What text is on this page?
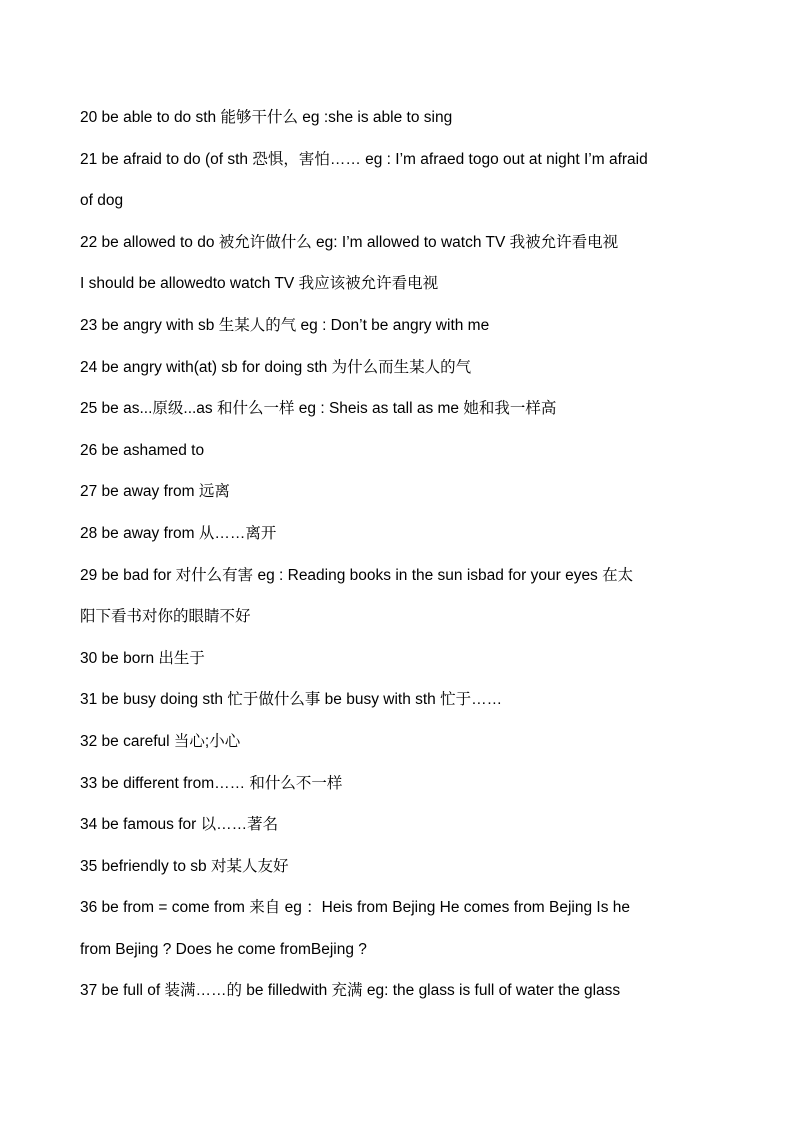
20 be able to do sth 能够干什么 eg :she is able to sing
21 be afraid to do (of sth 恐惧，害怕…… eg : I’m afraed togo out at night I’m afraid
of dog
22 be allowed to do 被允许做什么 eg: I’m allowed to watch TV 我被允许看电视
I should be allowedto watch TV 我应该被允许看电视
23 be angry with sb 生某人的气 eg : Don’t be angry with me
24 be angry with(at) sb for doing sth 为什么而生某人的气
25 be as...原级...as 和什么一样 eg : Sheis as tall as me 她和我一样高
26 be ashamed to
27 be away from 远离
28 be away from 从……离开
29 be bad for 对什么有害 eg : Reading books in the sun isbad for your eyes 在太
阳下看书对你的眼睛不好
30 be born 出生于
31 be busy doing sth 忙于做什么事 be busy with sth 忙于……
32 be careful 当心;小心
33 be different from…… 和什么不一样
34 be famous for 以……著名
35 befriendly to sb 对某人友好
36 be from = come from 来自 eg ：Heis from Bejing He comes from Bejing Is he
from Bejing ? Does he come fromBejing ?
37 be full of 装满……的 be filledwith 充满 eg: the glass is full of water the glass
